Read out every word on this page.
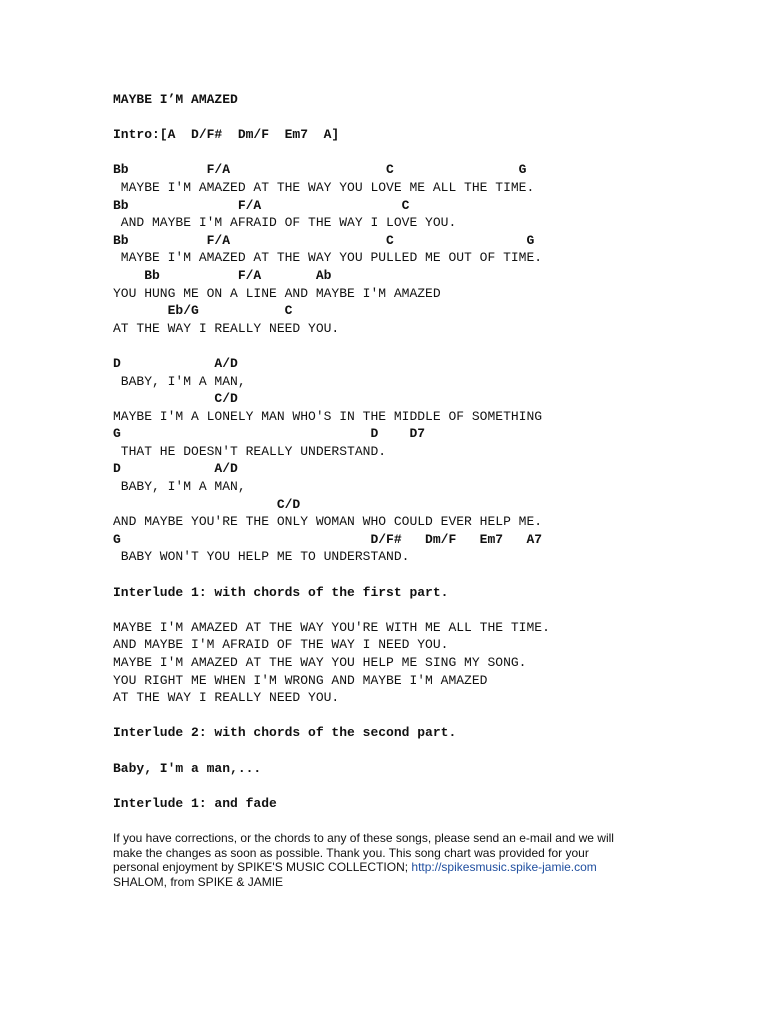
MAYBE I’M AMAZED
Intro:[A  D/F#  Dm/F  Em7  A]
Bb          F/A                    C                G
MAYBE I'M AMAZED AT THE WAY YOU LOVE ME ALL THE TIME.
Bb              F/A                  C
AND MAYBE I'M AFRAID OF THE WAY I LOVE YOU.
Bb          F/A                    C                 G
MAYBE I'M AMAZED AT THE WAY YOU PULLED ME OUT OF TIME.
Bb          F/A       Ab
YOU HUNG ME ON A LINE AND MAYBE I'M AMAZED
Eb/G           C
AT THE WAY I REALLY NEED YOU.
D            A/D
BABY, I'M A MAN,
C/D
MAYBE I'M A LONELY MAN WHO'S IN THE MIDDLE OF SOMETHING
G                                D    D7
THAT HE DOESN'T REALLY UNDERSTAND.
D            A/D
BABY, I'M A MAN,
C/D
AND MAYBE YOU'RE THE ONLY WOMAN WHO COULD EVER HELP ME.
G                                D/F#   Dm/F   Em7   A7
BABY WON'T YOU HELP ME TO UNDERSTAND.
Interlude 1: with chords of the first part.
MAYBE I'M AMAZED AT THE WAY YOU'RE WITH ME ALL THE TIME.
AND MAYBE I'M AFRAID OF THE WAY I NEED YOU.
MAYBE I'M AMAZED AT THE WAY YOU HELP ME SING MY SONG.
YOU RIGHT ME WHEN I'M WRONG AND MAYBE I'M AMAZED
AT THE WAY I REALLY NEED YOU.
Interlude 2: with chords of the second part.
Baby, I'm a man,...
Interlude 1: and fade
If you have corrections, or the chords to any of these songs, please send an e-mail and we will
make the changes as soon as possible. Thank you. This song chart was provided for your
personal enjoyment by SPIKE'S MUSIC COLLECTION; http://spikesmusic.spike-jamie.com
SHALOM, from SPIKE & JAMIE
